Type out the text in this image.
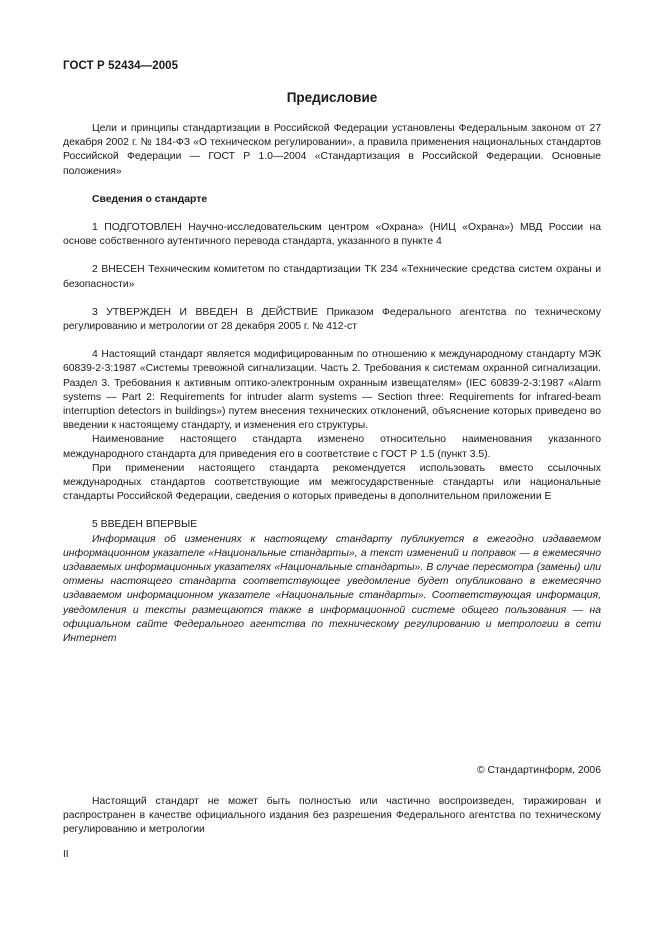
ГОСТ Р 52434—2005
Предисловие

Цели и принципы стандартизации в Российской Федерации установлены Федеральным законом от 27 декабря 2002 г. № 184-ФЗ «О техническом регулировании», а правила применения национальных стандартов Российской Федерации — ГОСТ Р 1.0—2004 «Стандартизация в Российской Федерации. Основные положения»

Сведения о стандарте

1 ПОДГОТОВЛЕН Научно-исследовательским центром «Охрана» (НИЦ «Охрана») МВД России на основе собственного аутентичного перевода стандарта, указанного в пункте 4

2 ВНЕСЕН Техническим комитетом по стандартизации ТК 234 «Технические средства систем охраны и безопасности»

3 УТВЕРЖДЕН И ВВЕДЕН В ДЕЙСТВИЕ Приказом Федерального агентства по техническому регулированию и метрологии от 28 декабря 2005 г. № 412-ст

4 Настоящий стандарт является модифицированным по отношению к международному стандарту МЭК 60839-2-3:1987 «Системы тревожной сигнализации. Часть 2. Требования к системам охранной сигнализации. Раздел 3. Требования к активным оптико-электронным охранным извещателям» (IEC 60839-2-3:1987 «Alarm systems — Part 2: Requirements for intruder alarm systems — Section three: Requirements for infrared-beam interruption detectors in buildings») путем внесения технических отклонений, объяснение которых приведено во введении к настоящему стандарту, и изменения его структуры.

Наименование настоящего стандарта изменено относительно наименования указанного международного стандарта для приведения его в соответствие с ГОСТ Р 1.5 (пункт 3.5).

При применении настоящего стандарта рекомендуется использовать вместо ссылочных международных стандартов соответствующие им межгосударственные стандарты или национальные стандарты Российской Федерации, сведения о которых приведены в дополнительном приложении Е

5 ВВЕДЕН ВПЕРВЫЕ

Информация об изменениях к настоящему стандарту публикуется в ежегодно издаваемом информационном указателе «Национальные стандарты», а текст изменений и поправок — в ежемесячно издаваемых информационных указателях «Национальные стандарты». В случае пересмотра (замены) или отмены настоящего стандарта соответствующее уведомление будет опубликовано в ежемесячно издаваемом информационном указателе «Национальные стандарты». Соответствующая информация, уведомления и тексты размещаются также в информационной системе общего пользования — на официальном сайте Федерального агентства по техническому регулированию и метрологии в сети Интернет

© Стандартинформ, 2006

Настоящий стандарт не может быть полностью или частично воспроизведен, тиражирован и распространен в качестве официального издания без разрешения Федерального агентства по техническому регулированию и метрологии

II
